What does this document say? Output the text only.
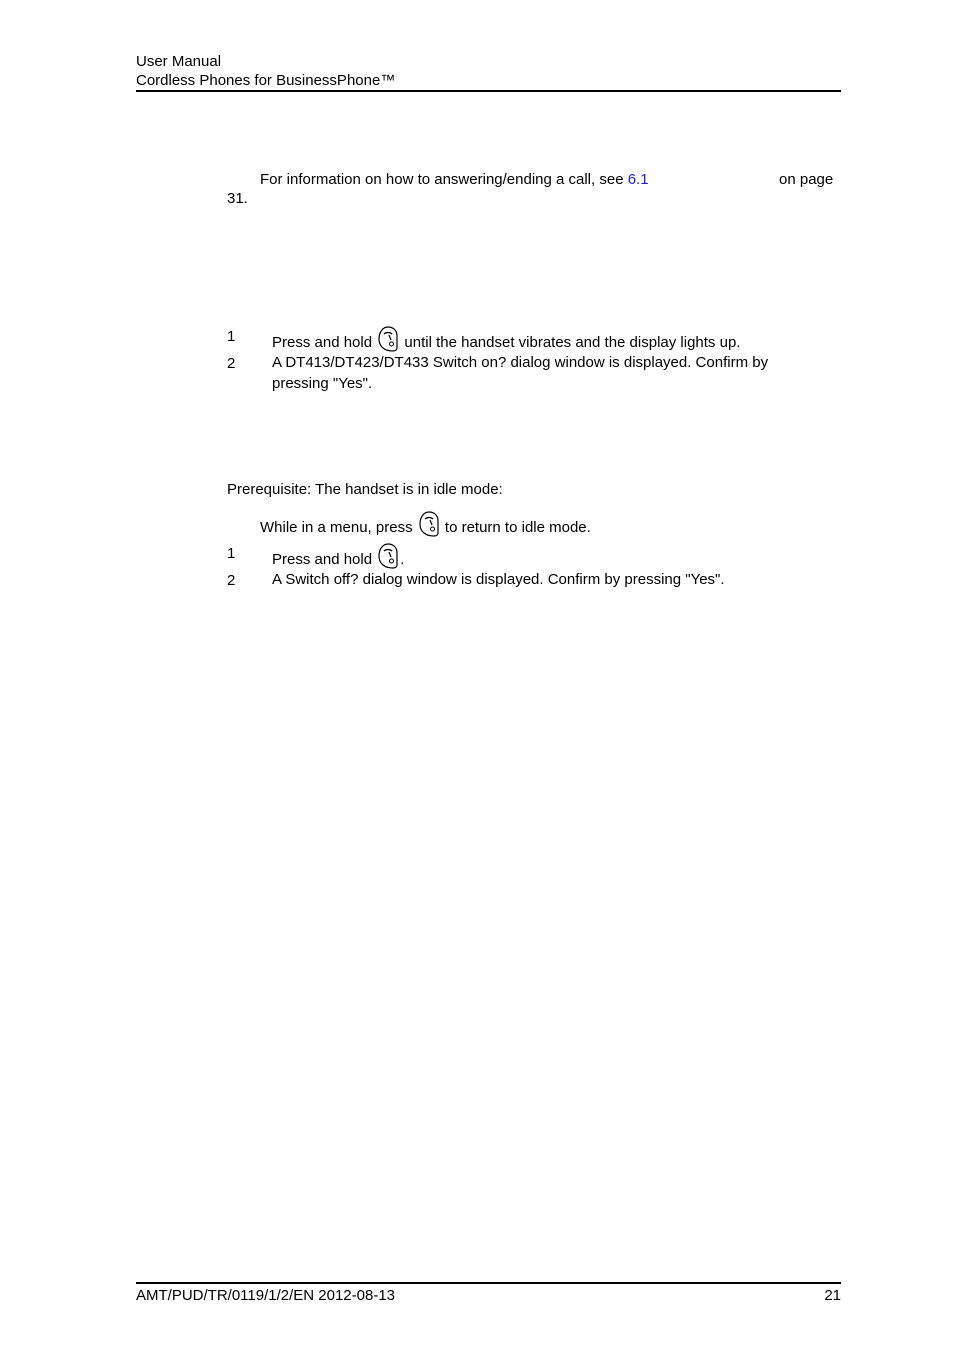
User Manual
Cordless Phones for BusinessPhone™
For information on how to answering/ending a call, see 6.1	on page
31.
1 Press and hold
until the handset vibrates and the display lights up.
2 A DT413/DT423/DT433 Switch on? dialog window is displayed. Confirm by
pressing "Yes".
Prerequisite: The handset is in idle mode:
While in a menu, press
to return to idle mode.
1 Press and hold
.
2 A Switch off? dialog window is displayed. Confirm by pressing "Yes".
AMT/PUD/TR/0119/1/2/EN 2012-08-13	21
